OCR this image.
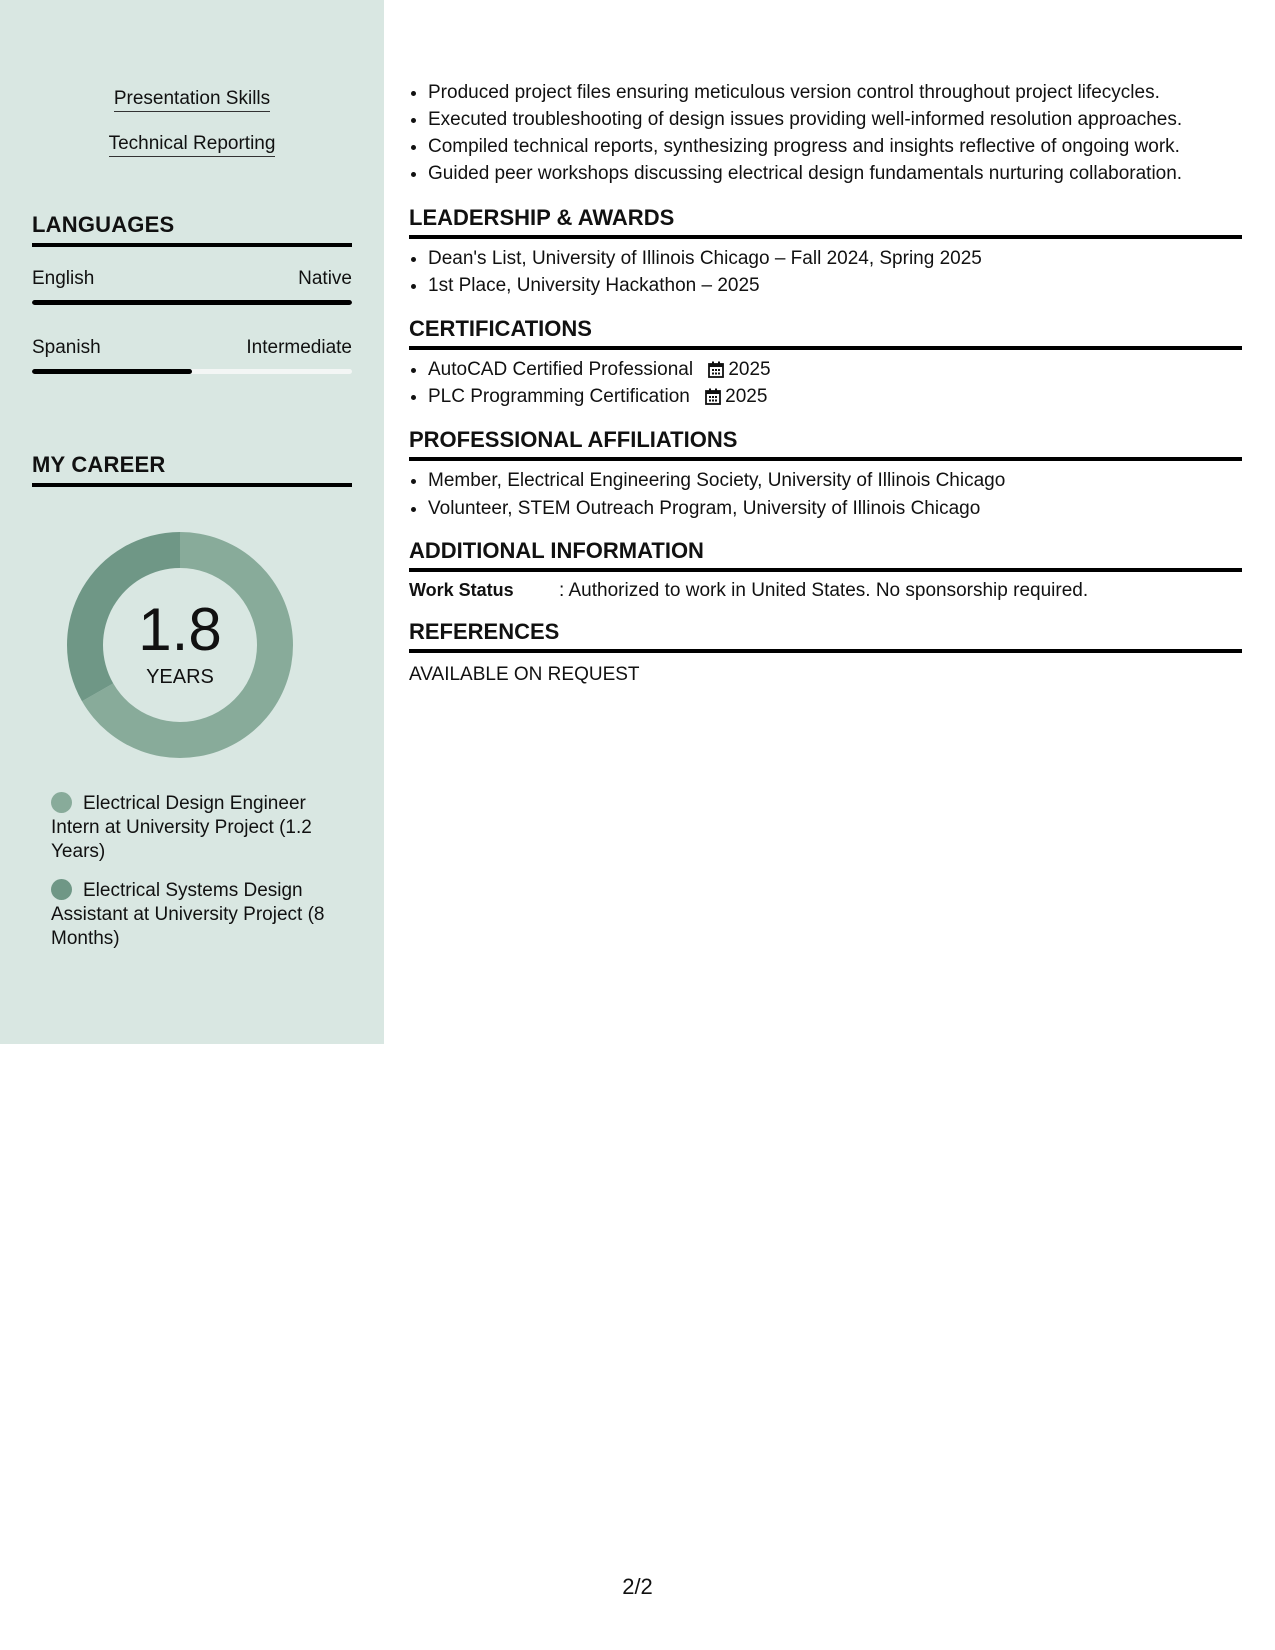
Presentation Skills
Technical Reporting
LANGUAGES
English	Native
Spanish	Intermediate
MY CAREER
1.8
YEARS
Electrical Design Engineer Intern at University Project (1.2 Years)
Electrical Systems Design Assistant at University Project (8 Months)
• Produced project files ensuring meticulous version control throughout project lifecycles.
• Executed troubleshooting of design issues providing well-informed resolution approaches.
• Compiled technical reports, synthesizing progress and insights reflective of ongoing work.
• Guided peer workshops discussing electrical design fundamentals nurturing collaboration.
LEADERSHIP & AWARDS
• Dean's List, University of Illinois Chicago – Fall 2024, Spring 2025
• 1st Place, University Hackathon – 2025
CERTIFICATIONS
• AutoCAD Certified Professional 2025
• PLC Programming Certification 2025
PROFESSIONAL AFFILIATIONS
• Member, Electrical Engineering Society, University of Illinois Chicago
• Volunteer, STEM Outreach Program, University of Illinois Chicago
ADDITIONAL INFORMATION
Work Status : Authorized to work in United States. No sponsorship required.
REFERENCES
AVAILABLE ON REQUEST
2/2
